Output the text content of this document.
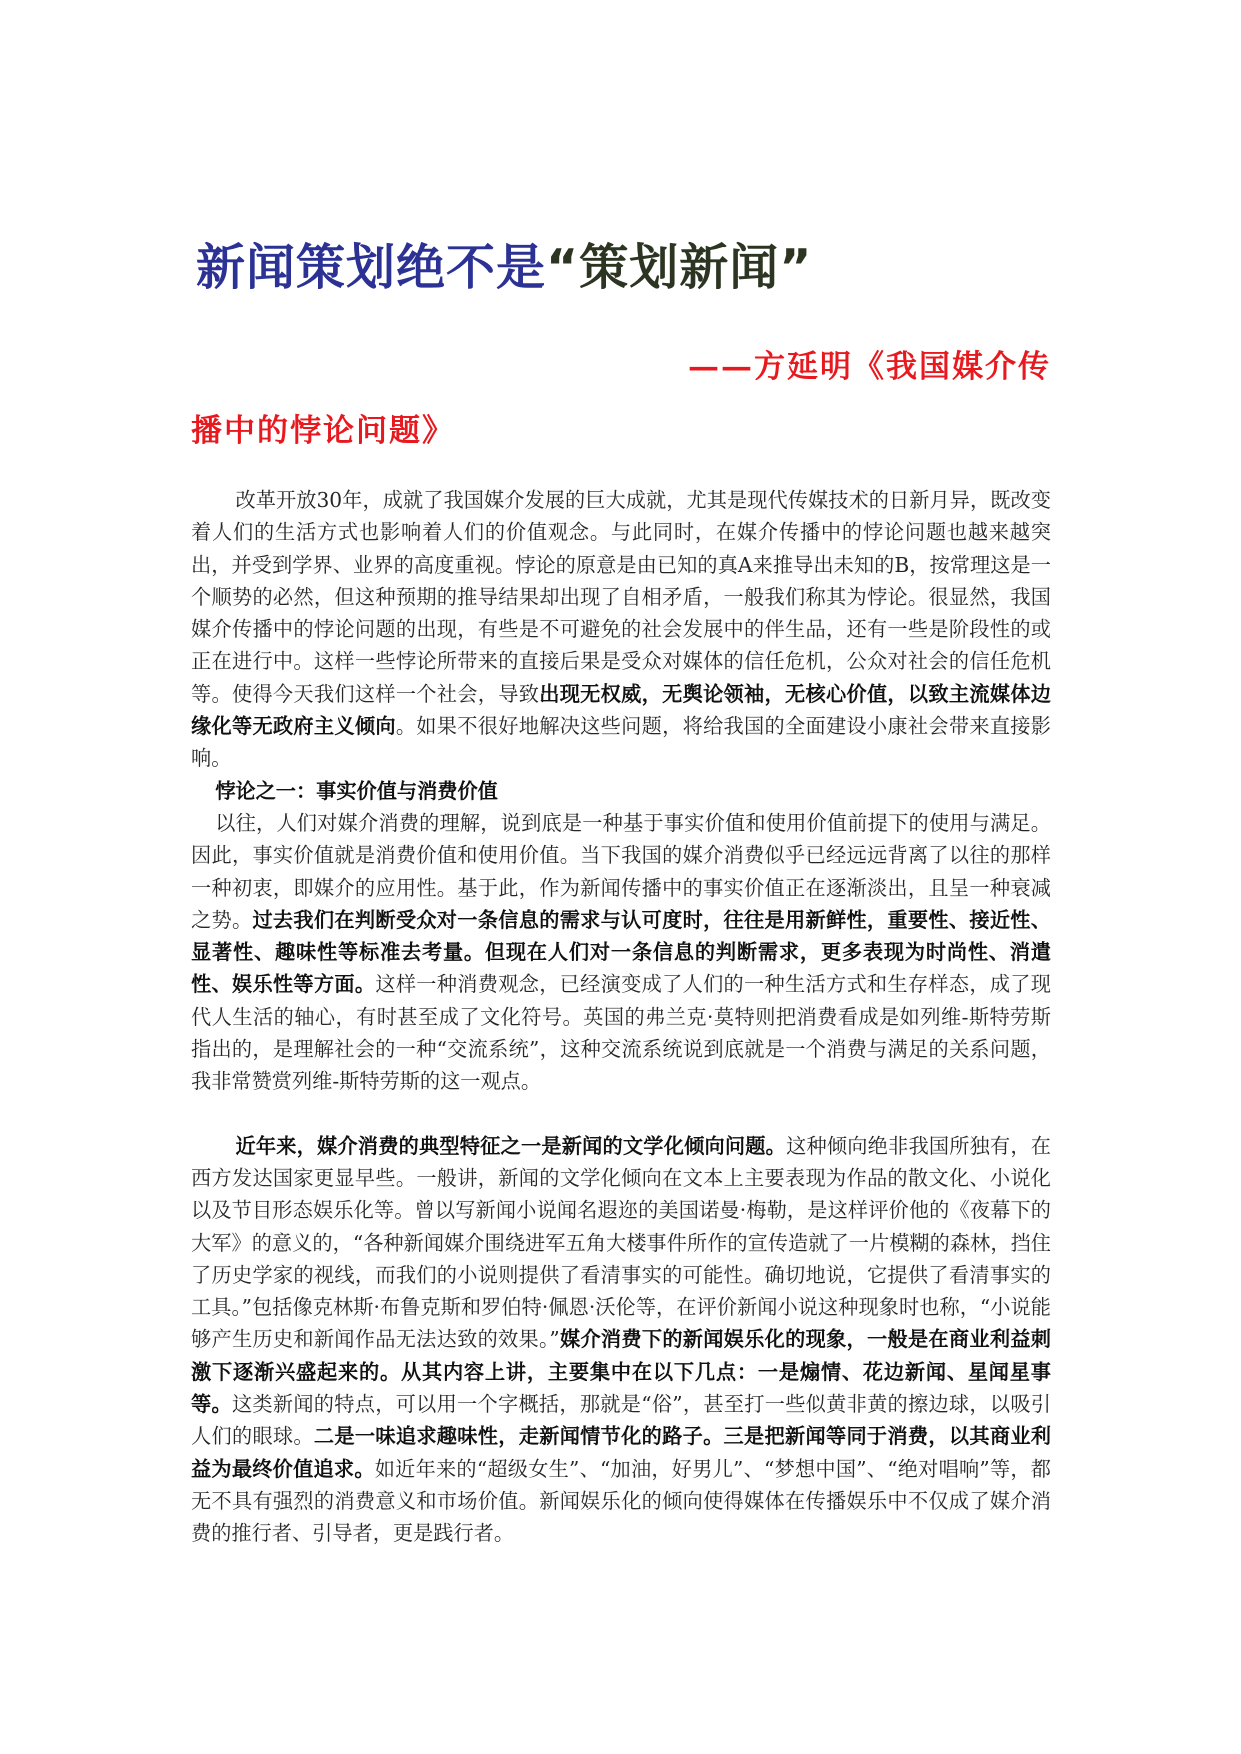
新闻策划绝不是“策划新闻”
——方延明《我国媒介传
播中的悖论问题》

改革开放30年，成就了我国媒介发展的巨大成就，尤其是现代传媒技术的日新月异，既改变着人们的生活方式也影响着人们的价值观念。与此同时，在媒介传播中的悖论问题也越来越突出，并受到学界、业界的高度重视。悖论的原意是由已知的真A来推导出未知的B，按常理这是一个顺势的必然，但这种预期的推导结果却出现了自相矛盾，一般我们称其为悖论。很显然，我国媒介传播中的悖论问题的出现，有些是不可避免的社会发展中的伴生品，还有一些是阶段性的或正在进行中。这样一些悖论所带来的直接后果是受众对媒体的信任危机，公众对社会的信任危机等。使得今天我们这样一个社会，导致出现无权威，无舆论领袖，无核心价值，以致主流媒体边缘化等无政府主义倾向。如果不很好地解决这些问题，将给我国的全面建设小康社会带来直接影响。

悖论之一：事实价值与消费价值

以往，人们对媒介消费的理解，说到底是一种基于事实价值和使用价值前提下的使用与满足。因此，事实价值就是消费价值和使用价值。当下我国的媒介消费似乎已经远远背离了以往的那样一种初衷，即媒介的应用性。基于此，作为新闻传播中的事实价值正在逐渐淡出，且呈一种衰减之势。过去我们在判断受众对一条信息的需求与认可度时，往往是用新鲜性，重要性、接近性、显著性、趣味性等标准去考量。但现在人们对一条信息的判断需求，更多表现为时尚性、消遣性、娱乐性等方面。这样一种消费观念，已经演变成了人们的一种生活方式和生存样态，成了现代人生活的轴心，有时甚至成了文化符号。英国的弗兰克·莫特则把消费看成是如列维-斯特劳斯指出的，是理解社会的一种“交流系统”，这种交流系统说到底就是一个消费与满足的关系问题，我非常赞赏列维-斯特劳斯的这一观点。

近年来，媒介消费的典型特征之一是新闻的文学化倾向问题。这种倾向绝非我国所独有，在西方发达国家更显早些。一般讲，新闻的文学化倾向在文本上主要表现为作品的散文化、小说化以及节目形态娱乐化等。曾以写新闻小说闻名遐迩的美国诺曼·梅勒，是这样评价他的《夜幕下的大军》的意义的，“各种新闻媒介围绕进军五角大楼事件所作的宣传造就了一片模糊的森林，挡住了历史学家的视线，而我们的小说则提供了看清事实的可能性。确切地说，它提供了看清事实的工具。”包括像克林斯·布鲁克斯和罗伯特·佩恩·沃伦等，在评价新闻小说这种现象时也称，“小说能够产生历史和新闻作品无法达致的效果。”媒介消费下的新闻娱乐化的现象，一般是在商业利益刺激下逐渐兴盛起来的。从其内容上讲，主要集中在以下几点：一是煽情、花边新闻、星闻星事等。这类新闻的特点，可以用一个字概括，那就是“俗”，甚至打一些似黄非黄的擦边球，以吸引人们的眼球。二是一味追求趣味性，走新闻情节化的路子。三是把新闻等同于消费，以其商业利益为最终价值追求。如近年来的“超级女生”、“加油，好男儿”、“梦想中国”、“绝对唱响”等，都无不具有强烈的消费意义和市场价值。新闻娱乐化的倾向使得媒体在传播娱乐中不仅成了媒介消费的推行者、引导者，更是践行者。
